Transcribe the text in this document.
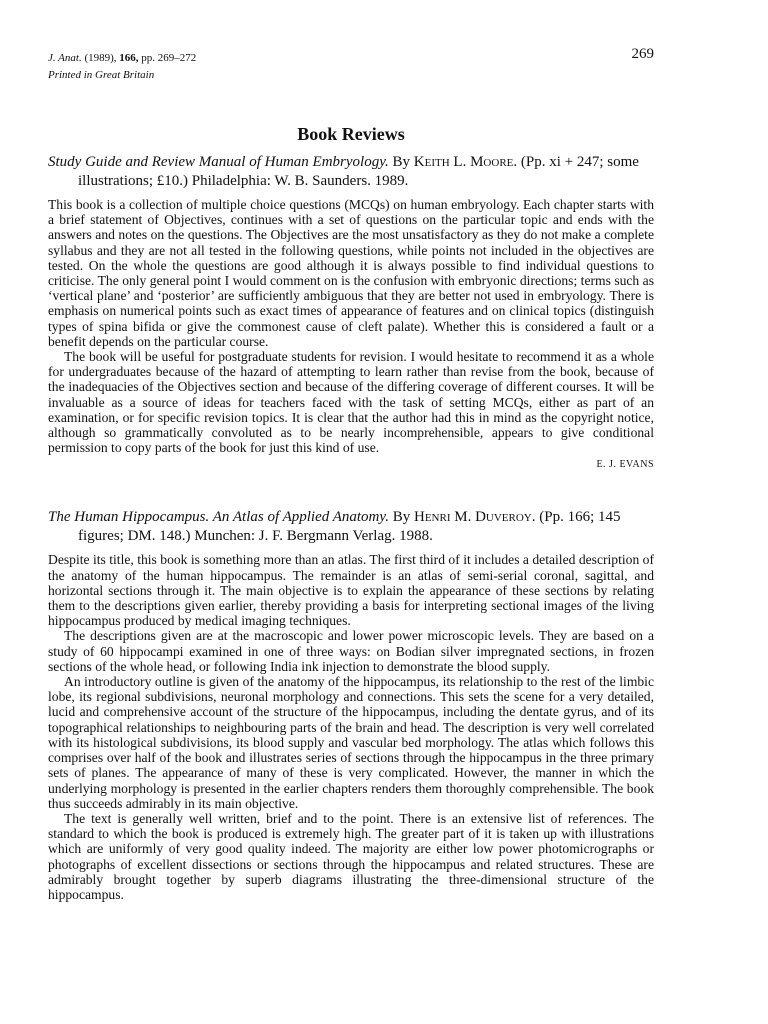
J. Anat. (1989), 166, pp. 269–272
Printed in Great Britain
269
Book Reviews

Study Guide and Review Manual of Human Embryology. By Keith L. Moore. (Pp. xi + 247; some illustrations; £10.) Philadelphia: W. B. Saunders. 1989.

This book is a collection of multiple choice questions (MCQs) on human embryology. Each chapter starts with a brief statement of Objectives, continues with a set of questions on the particular topic and ends with the answers and notes on the questions. The Objectives are the most unsatisfactory as they do not make a complete syllabus and they are not all tested in the following questions, while points not included in the objectives are tested. On the whole the questions are good although it is always possible to find individual questions to criticise. The only general point I would comment on is the confusion with embryonic directions; terms such as ‘vertical plane’ and ‘posterior’ are sufficiently ambiguous that they are better not used in embryology. There is emphasis on numerical points such as exact times of appearance of features and on clinical topics (distinguish types of spina bifida or give the commonest cause of cleft palate). Whether this is considered a fault or a benefit depends on the particular course.

The book will be useful for postgraduate students for revision. I would hesitate to recommend it as a whole for undergraduates because of the hazard of attempting to learn rather than revise from the book, because of the inadequacies of the Objectives section and because of the differing coverage of different courses. It will be invaluable as a source of ideas for teachers faced with the task of setting MCQs, either as part of an examination, or for specific revision topics. It is clear that the author had this in mind as the copyright notice, although so grammatically convoluted as to be nearly incomprehensible, appears to give conditional permission to copy parts of the book for just this kind of use.

E. J. EVANS

The Human Hippocampus. An Atlas of Applied Anatomy. By Henri M. Duveroy. (Pp. 166; 145 figures; DM. 148.) Munchen: J. F. Bergmann Verlag. 1988.

Despite its title, this book is something more than an atlas. The first third of it includes a detailed description of the anatomy of the human hippocampus. The remainder is an atlas of semi-serial coronal, sagittal, and horizontal sections through it. The main objective is to explain the appearance of these sections by relating them to the descriptions given earlier, thereby providing a basis for interpreting sectional images of the living hippocampus produced by medical imaging techniques.

The descriptions given are at the macroscopic and lower power microscopic levels. They are based on a study of 60 hippocampi examined in one of three ways: on Bodian silver impregnated sections, in frozen sections of the whole head, or following India ink injection to demonstrate the blood supply.

An introductory outline is given of the anatomy of the hippocampus, its relationship to the rest of the limbic lobe, its regional subdivisions, neuronal morphology and connections. This sets the scene for a very detailed, lucid and comprehensive account of the structure of the hippocampus, including the dentate gyrus, and of its topographical relationships to neighbouring parts of the brain and head. The description is very well correlated with its histological subdivisions, its blood supply and vascular bed morphology. The atlas which follows this comprises over half of the book and illustrates series of sections through the hippocampus in the three primary sets of planes. The appearance of many of these is very complicated. However, the manner in which the underlying morphology is presented in the earlier chapters renders them thoroughly comprehensible. The book thus succeeds admirably in its main objective.

The text is generally well written, brief and to the point. There is an extensive list of references. The standard to which the book is produced is extremely high. The greater part of it is taken up with illustrations which are uniformly of very good quality indeed. The majority are either low power photomicrographs or photographs of excellent dissections or sections through the hippocampus and related structures. These are admirably brought together by superb diagrams illustrating the three-dimensional structure of the hippocampus.
